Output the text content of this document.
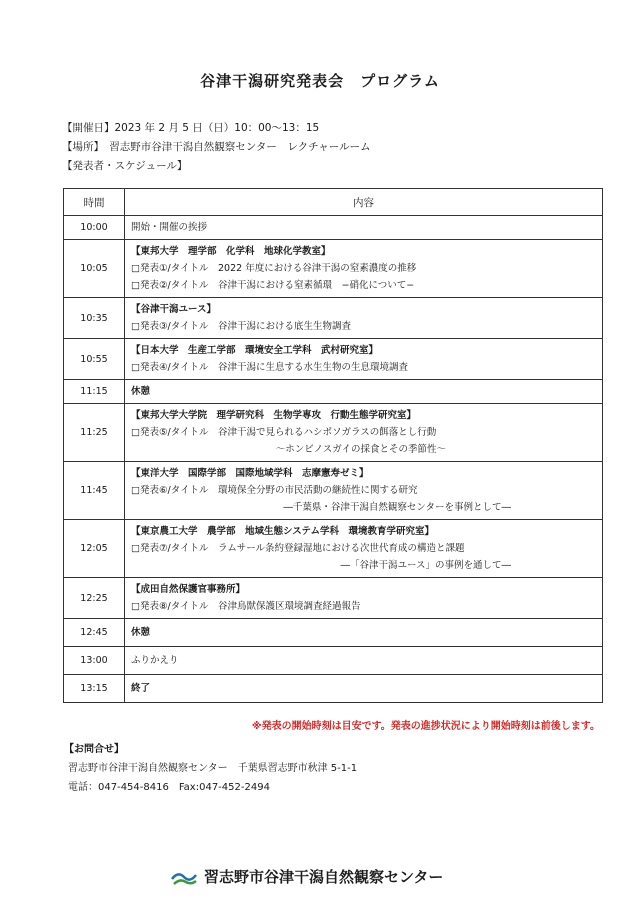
谷津干潟研究発表会　プログラム
【開催日】2023 年 2 月 5 日（日）10：00〜13：15
【場所】　習志野市谷津干潟自然観察センター　レクチャールーム
【発表者・スケジュール】
時間	内容
10:00	開始・開催の挨拶

10:05	【東邦大学　理学部　化学科　地球化学教室】
□発表①/タイトル　2022 年度における谷津干潟の窒素濃度の推移
□発表②/タイトル　谷津干潟における窒素循環　−硝化について−

10:35	【谷津干潟ユース】
□発表③/タイトル　谷津干潟における底生生物調査

10:55	【日本大学　生産工学部　環境安全工学科　武村研究室】
□発表④/タイトル　谷津干潟に生息する水生生物の生息環境調査

11:15	休憩

11:25	【東邦大学大学院　理学研究科　生物学専攻　行動生態学研究室】
□発表⑤/タイトル　谷津干潟で見られるハシボソガラスの餌落とし行動
〜ホンビノスガイの採食とその季節性〜

11:45	【東洋大学　国際学部　国際地域学科　志摩憲寿ゼミ】
□発表⑥/タイトル　環境保全分野の市民活動の継続性に関する研究
―千葉県・谷津干潟自然観察センターを事例として―

12:05	【東京農工大学　農学部　地域生態システム学科　環境教育学研究室】
□発表⑦/タイトル　ラムサール条約登録湿地における次世代育成の構造と課題
―「谷津干潟ユース」の事例を通して―

12:25	【成田自然保護官事務所】
□発表⑧/タイトル　谷津鳥獣保護区環境調査経過報告

12:45	休憩

13:00	ふりかえり

13:15	終了
※発表の開始時刻は目安です。発表の進捗状況により開始時刻は前後します。
【お問合せ】
習志野市谷津干潟自然観察センター　千葉県習志野市秋津 5-1-1
電話：047-454-8416　Fax:047-452-2494
習志野市谷津干潟自然観察センター
